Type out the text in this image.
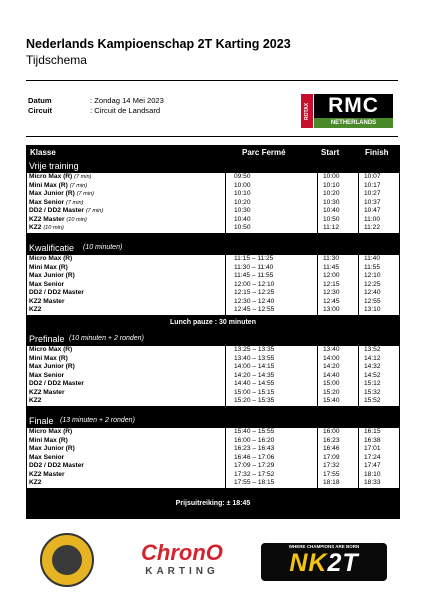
Nederlands Kampioenschap 2T Karting 2023
Tijdschema
Datum	: Zondag 14 Mei 2023
Circuit	: Circuit de Landsard	ROTAX RMC
NETHERLANDS
Klasse	Parc Fermé	Start	Finish
Vrije training
Micro Max (R) (7 min)	09:50	10:00	10:07
Mini Max (R) (7 min)	10:00	10:10	10:17
Max Junior (R) (7 min)	10:10	10:20	10:27
Max Senior (7 min)	10:20	10:30	10:37
DD2 / DD2 Master (7 min)	10:30	10:40	10:47
KZ2 Master (10 min)	10:40	10:50	11:00
KZ2 (10 min)	10:50	11:12	11:22
Kwalificatie (10 minuten)
Micro Max (R)	11:15 – 11:25	11:30	11:40
Mini Max (R)	11:30 – 11:40	11:45	11:55
Max Junior (R)	11:45 – 11:55	12:00	12:10
Max Senior	12:00 – 12:10	12:15	12:25
DD2 / DD2 Master	12:15 – 12:25	12:30	12:40
KZ2 Master	12:30 – 12:40	12:45	12:55
KZ2	12:45 – 12:55	13:00	13:10
Prefinale (10 minuten + 2 ronden)
Micro Max (R)	13:25 – 13:35	13:40	13:52
Mini Max (R)	13:40 – 13:55	14:00	14:12
Max Junior (R)	14:00 – 14:15	14:20	14:32
Max Senior	14:20 – 14:35	14:40	14:52
DD2 / DD2 Master	14:40 – 14:55	15:00	15:12
KZ2 Master	15:00 – 15:15	15:20	15:32
KZ2	15:20 – 15:35	15:40	15:52
Finale (13 minuten + 2 ronden)
Micro Max (R)	15:40 – 15:55	16:00	16:15
Mini Max (R)	16:00 – 16:20	16:23	16:38
Max Junior (R)	16:23 – 16:43	16:46	17:01
Max Senior	16:46 – 17:06	17:09	17:24
DD2 / DD2 Master	17:09 – 17:29	17:32	17:47
KZ2 Master	17:32 – 17:52	17:55	18:10
KZ2	17:55 – 18:15	18:18	18:33
Lunch pauze : 30 minuten
Prijsuitreiking: ± 18:45
ChronO
KARTING
WHERE CHAMPIONS ARE BORN
NK2T
